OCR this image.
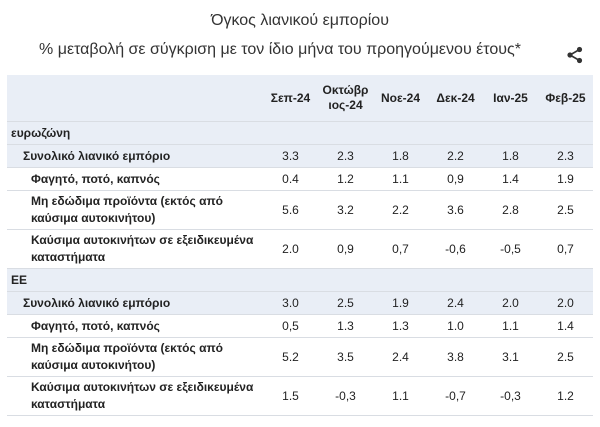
Όγκος λιανικού εμπορίου
% μεταβολή σε σύγκριση με τον ίδιο μήνα του προηγούμενου έτους*
	Σεπ-24	Οκτώβρ ιος-24	Νοε-24	Δεκ-24	Ιαν-25	Φεβ-25
ευρωζώνη						
Συνολικό λιανικό εμπόριο	3.3	2.3	1.8	2.2	1.8	2.3
Φαγητό, ποτό, καπνός	0.4	1.2	1.1	0,9	1.4	1.9
Μη εδώδιμα προϊόντα (εκτός από καύσιμα αυτοκινήτου)	5.6	3.2	2.2	3.6	2.8	2.5
Καύσιμα αυτοκινήτων σε εξειδικευμένα καταστήματα	2.0	0,9	0,7	-0,6	-0,5	0,7
ΕΕ						
Συνολικό λιανικό εμπόριο	3.0	2.5	1.9	2.4	2.0	2.0
Φαγητό, ποτό, καπνός	0,5	1.3	1.3	1.0	1.1	1.4
Μη εδώδιμα προϊόντα (εκτός από καύσιμα αυτοκινήτου)	5.2	3.5	2.4	3.8	3.1	2.5
Καύσιμα αυτοκινήτων σε εξειδικευμένα καταστήματα	1.5	-0,3	1.1	-0,7	-0,3	1.2
